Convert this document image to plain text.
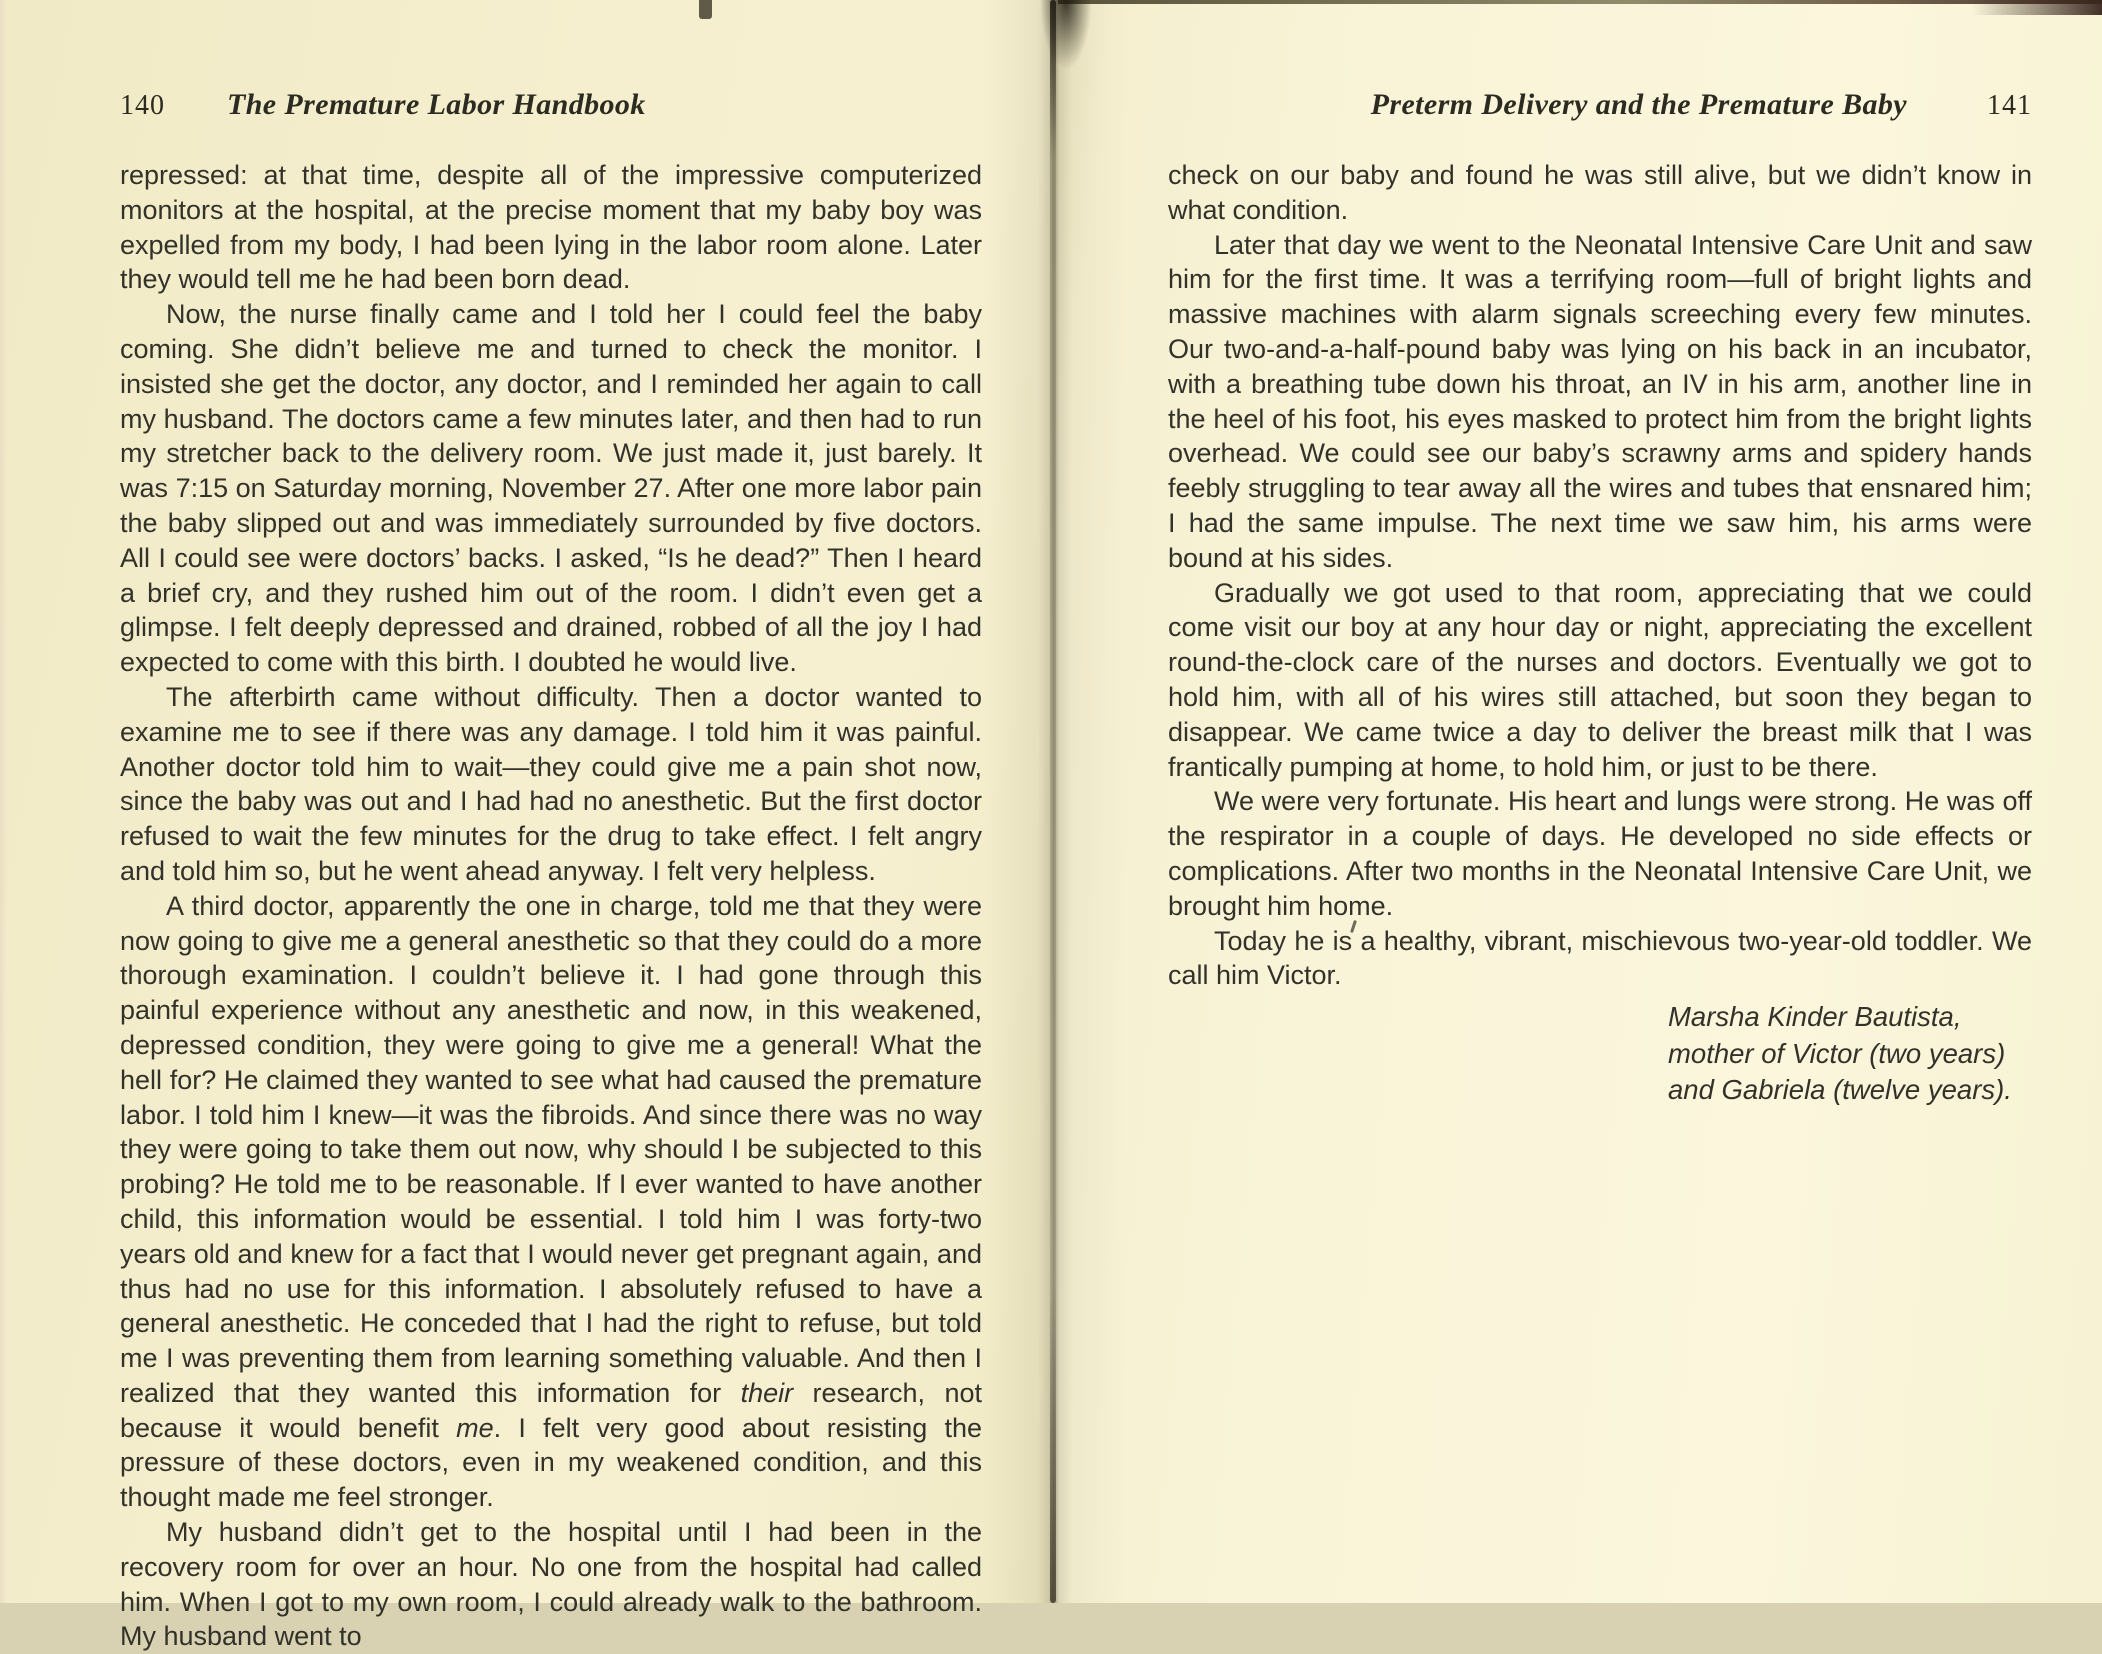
140 The Premature Labor Handbook

repressed: at that time, despite all of the impressive computerized monitors at the hospital, at the precise moment that my baby boy was expelled from my body, I had been lying in the labor room alone. Later they would tell me he had been born dead.

Now, the nurse finally came and I told her I could feel the baby coming. She didn’t believe me and turned to check the monitor. I insisted she get the doctor, any doctor, and I reminded her again to call my husband. The doctors came a few minutes later, and then had to run my stretcher back to the delivery room. We just made it, just barely. It was 7:15 on Saturday morning, November 27. After one more labor pain the baby slipped out and was immediately surrounded by five doctors. All I could see were doctors’ backs. I asked, “Is he dead?” Then I heard a brief cry, and they rushed him out of the room. I didn’t even get a glimpse. I felt deeply depressed and drained, robbed of all the joy I had expected to come with this birth. I doubted he would live.

The afterbirth came without difficulty. Then a doctor wanted to examine me to see if there was any damage. I told him it was painful. Another doctor told him to wait—they could give me a pain shot now, since the baby was out and I had had no anesthetic. But the first doctor refused to wait the few minutes for the drug to take effect. I felt angry and told him so, but he went ahead anyway. I felt very helpless.

A third doctor, apparently the one in charge, told me that they were now going to give me a general anesthetic so that they could do a more thorough examination. I couldn’t believe it. I had gone through this painful experience without any anesthetic and now, in this weakened, depressed condition, they were going to give me a general! What the hell for? He claimed they wanted to see what had caused the premature labor. I told him I knew—it was the fibroids. And since there was no way they were going to take them out now, why should I be subjected to this probing? He told me to be reasonable. If I ever wanted to have another child, this information would be essential. I told him I was forty-two years old and knew for a fact that I would never get pregnant again, and thus had no use for this information. I absolutely refused to have a general anesthetic. He conceded that I had the right to refuse, but told me I was preventing them from learning something valuable. And then I realized that they wanted this information for their research, not because it would benefit me. I felt very good about resisting the pressure of these doctors, even in my weakened condition, and this thought made me feel stronger.

My husband didn’t get to the hospital until I had been in the recovery room for over an hour. No one from the hospital had called him. When I got to my own room, I could already walk to the bathroom. My husband went to

Preterm Delivery and the Premature Baby	141

check on our baby and found he was still alive, but we didn’t know in what condition.

Later that day we went to the Neonatal Intensive Care Unit and saw him for the first time. It was a terrifying room—full of bright lights and massive machines with alarm signals screeching every few minutes. Our two-and-a-half-pound baby was lying on his back in an incubator, with a breathing tube down his throat, an IV in his arm, another line in the heel of his foot, his eyes masked to protect him from the bright lights overhead. We could see our baby’s scrawny arms and spidery hands feebly struggling to tear away all the wires and tubes that ensnared him; I had the same impulse. The next time we saw him, his arms were bound at his sides.

Gradually we got used to that room, appreciating that we could come visit our boy at any hour day or night, appreciating the excellent round-the-clock care of the nurses and doctors. Eventually we got to hold him, with all of his wires still attached, but soon they began to disappear. We came twice a day to deliver the breast milk that I was frantically pumping at home, to hold him, or just to be there.

We were very fortunate. His heart and lungs were strong. He was off the respirator in a couple of days. He developed no side effects or complications. After two months in the Neonatal Intensive Care Unit, we brought him home.

Today he is a healthy, vibrant, mischievous two-year-old toddler. We call him Victor.

Marsha Kinder Bautista,
mother of Victor (two years)
and Gabriela (twelve years).
